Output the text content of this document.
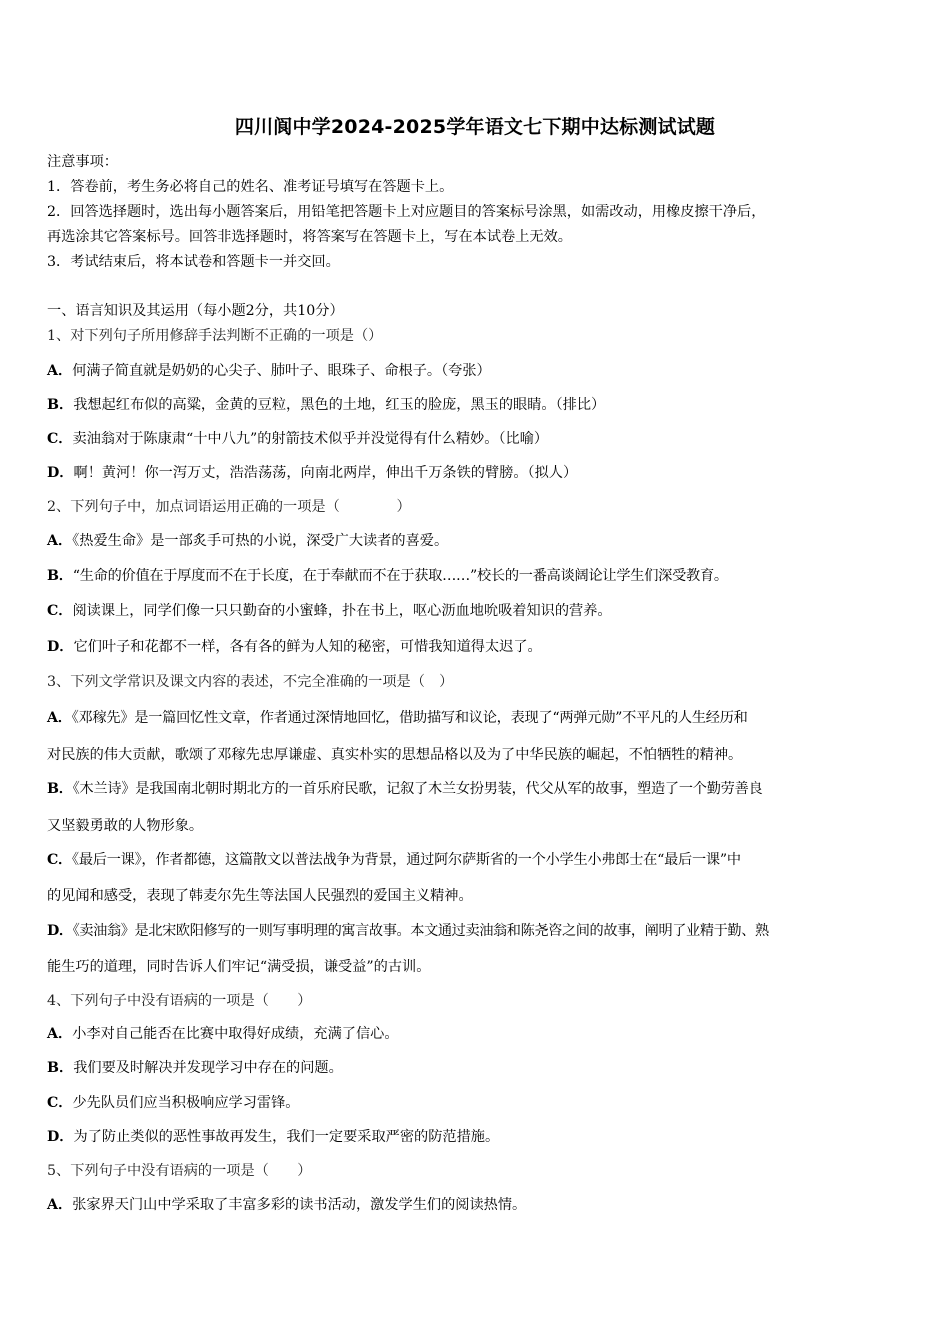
四川阆中学2024-2025学年语文七下期中达标测试试题
注意事项：
1．答卷前，考生务必将自己的姓名、准考证号填写在答题卡上。
2．回答选择题时，选出每小题答案后，用铅笔把答题卡上对应题目的答案标号涂黑，如需改动，用橡皮擦干净后，
再选涂其它答案标号。回答非选择题时，将答案写在答题卡上，写在本试卷上无效。
3．考试结束后，将本试卷和答题卡一并交回。
一、语言知识及其运用（每小题2分，共10分）
1、对下列句子所用修辞手法判断不正确的一项是（）
A．何满子简直就是奶奶的心尖子、肺叶子、眼珠子、命根子。（夸张）
B．我想起红布似的高粱，金黄的豆粒，黑色的土地，红玉的脸庞，黑玉的眼睛。（排比）
C．卖油翁对于陈康肃“十中八九”的射箭技术似乎并没觉得有什么精妙。（比喻）
D．啊！黄河！你一泻万丈，浩浩荡荡，向南北两岸，伸出千万条铁的臂膀。（拟人）
2、下列句子中，加点词语运用正确的一项是（　　　　）
A．《热爱生命》是一部炙手可热的小说，深受广大读者的喜爱。
B．“生命的价值在于厚度而不在于长度，在于奉献而不在于获取……”校长的一番高谈阔论让学生们深受教育。
C．阅读课上，同学们像一只只勤奋的小蜜蜂，扑在书上，呕心沥血地吮吸着知识的营养。
D．它们叶子和花都不一样，各有各的鲜为人知的秘密，可惜我知道得太迟了。
3、下列文学常识及课文内容的表述，不完全准确的一项是（　）
A．《邓稼先》是一篇回忆性文章，作者通过深情地回忆，借助描写和议论，表现了“两弹元勋”不平凡的人生经历和
对民族的伟大贡献，歌颂了邓稼先忠厚谦虚、真实朴实的思想品格以及为了中华民族的崛起，不怕牺牲的精神。
B．《木兰诗》是我国南北朝时期北方的一首乐府民歌，记叙了木兰女扮男装，代父从军的故事，塑造了一个勤劳善良
又坚毅勇敢的人物形象。
C．《最后一课》，作者都德，这篇散文以普法战争为背景，通过阿尔萨斯省的一个小学生小弗郎士在“最后一课”中
的见闻和感受，表现了韩麦尔先生等法国人民强烈的爱国主义精神。
D．《卖油翁》是北宋欧阳修写的一则写事明理的寓言故事。本文通过卖油翁和陈尧咨之间的故事，阐明了业精于勤、熟
能生巧的道理，同时告诉人们牢记“满受损，谦受益”的古训。
4、下列句子中没有语病的一项是（　　）
A．小李对自己能否在比赛中取得好成绩，充满了信心。
B．我们要及时解决并发现学习中存在的问题。
C．少先队员们应当积极响应学习雷锋。
D．为了防止类似的恶性事故再发生，我们一定要采取严密的防范措施。
5、下列句子中没有语病的一项是（　　）
A．张家界天门山中学采取了丰富多彩的读书活动，激发学生们的阅读热情。
